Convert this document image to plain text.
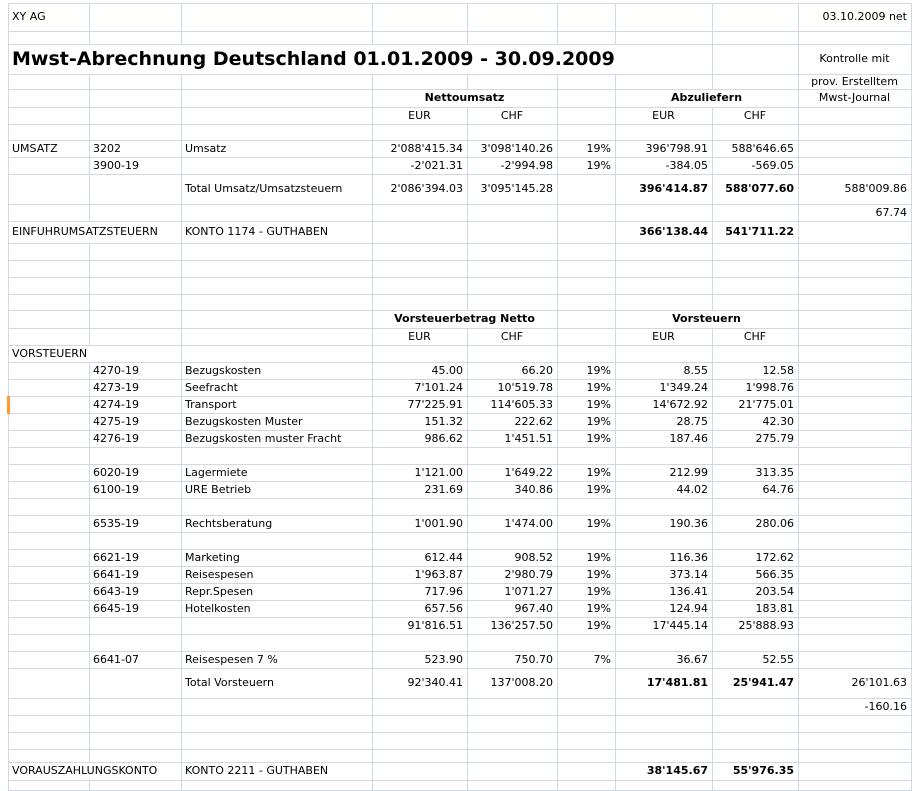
XY AG								03.10.2009 net

Mwst-Abrechnung Deutschland 01.01.2009 - 30.09.2009								Kontrolle mit
								prov. Erstelltem
			Nettoumsatz			Abzuliefern		Mwst-Journal
			EUR	CHF		EUR	CHF	

UMSATZ	3202	Umsatz	2'088'415.34	3'098'140.26	19%	396'798.91	588'646.65	
	3900-19		-2'021.31	-2'994.98	19%	-384.05	-569.05	
		Total Umsatz/Umsatzsteuern	2'086'394.03	3'095'145.28		396'414.87	588'077.60	588'009.86
								67.74
EINFUHRUMSATZSTEUERN		KONTO 1174 - GUTHABEN				366'138.44	541'711.22	

			Vorsteuerbetrag Netto			Vorsteuern		
			EUR	CHF		EUR	CHF	
VORSTEUERN								
	4270-19	Bezugskosten	45.00	66.20	19%	8.55	12.58	
	4273-19	Seefracht	7'101.24	10'519.78	19%	1'349.24	1'998.76	
	4274-19	Transport	77'225.91	114'605.33	19%	14'672.92	21'775.01	
	4275-19	Bezugskosten Muster	151.32	222.62	19%	28.75	42.30	
	4276-19	Bezugskosten muster Fracht	986.62	1'451.51	19%	187.46	275.79	

	6020-19	Lagermiete	1'121.00	1'649.22	19%	212.99	313.35	
	6100-19	URE Betrieb	231.69	340.86	19%	44.02	64.76	

	6535-19	Rechtsberatung	1'001.90	1'474.00	19%	190.36	280.06	

	6621-19	Marketing	612.44	908.52	19%	116.36	172.62	
	6641-19	Reisespesen	1'963.87	2'980.79	19%	373.14	566.35	
	6643-19	Repr.Spesen	717.96	1'071.27	19%	136.41	203.54	
	6645-19	Hotelkosten	657.56	967.40	19%	124.94	183.81	
			91'816.51	136'257.50	19%	17'445.14	25'888.93	

	6641-07	Reisespesen 7 %	523.90	750.70	7%	36.67	52.55	
		Total Vorsteuern	92'340.41	137'008.20		17'481.81	25'941.47	26'101.63
								-160.16

VORAUSZAHLUNGSKONTO		KONTO 2211 - GUTHABEN				38'145.67	55'976.35	
